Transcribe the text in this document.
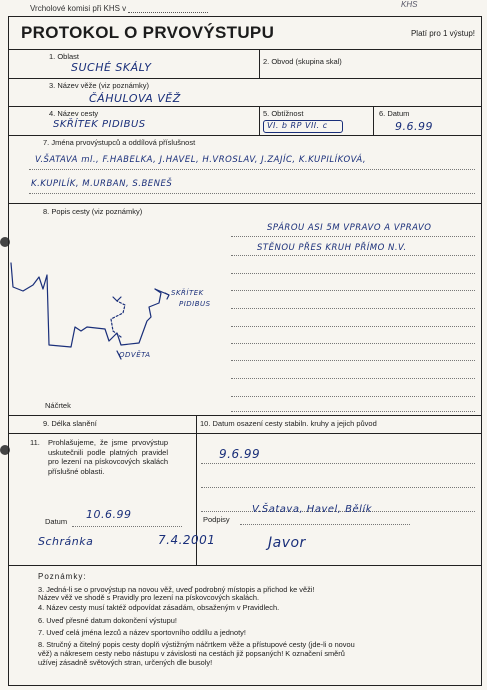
Vrcholové komisi při KHS v	KHS
PROTOKOL O PRVOVÝSTUPU	Platí pro 1 výstup!
1. Oblast
SUCHÉ SKÁLY	2. Obvod (skupina skal)
3. Název věže (viz poznámky)
ČÁHULOVA VĚŽ
4. Název cesty
SKŘÍTEK PIDIBUS
5. Obtížnost
VI. b RP VII. c
6. Datum
9.6.99
7. Jména prvovýstupců a oddílová příslušnost
V.ŠATAVA ml., F.HABELKA, J.HAVEL, H.VROSLAV, J.ZAJÍC, K.KUPILÍKOVÁ,
K.KUPILÍK, M.URBAN, S.BENEŠ
8. Popis cesty (viz poznámky)
SPÁROU ASI 5M VPRAVO A VPRAVO
STĚNOU PŘES KRUH PŘÍMO N.V.
SKŘÍTEK
PIDIBUS
ODVĚTA
Náčrtek
9. Délka slanění	10. Datum osazení cesty stabiln. kruhy a jejich původ
9.6.99
11. Prohlašujeme, že jsme prvovýstup uskutečnili podle platných pravidel pro lezení na pískovcových skalách příslušné oblasti.
Datum
10.6.99	Podpisy
V.Šatava, Havel, Bělík
Schránka	7.4.2001	Javor
Poznámky:
3. Jedná-li se o prvovýstup na novou věž, uveď podrobný místopis a přichod ke věži!
Název věž ve shodě s Pravidly pro lezení na pískovcových skalách.
4. Název cesty musí taktéž odpovídat zásadám, obsaženým v Pravidlech.
6. Uveď přesné datum dokončení výstupu!
7. Uveď celá jména lezců a název sportovního oddílu a jednoty!
8. Stručný a čitelný popis cesty doplň výstižným náčrtkem věže a přístupové cesty (jde-li o novou
věž) a nákresem cesty nebo nástupu v závislosti na cestách již popsaných! K označení směrů
užívej zásadně světových stran, určených dle busoly!
